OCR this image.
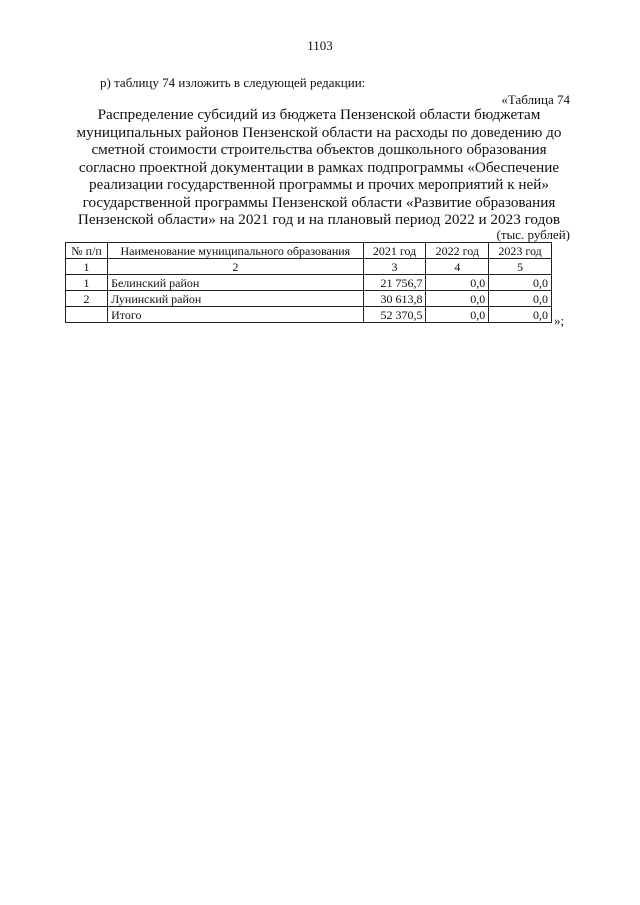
1103
р) таблицу 74 изложить в следующей редакции:
«Таблица 74
Распределение субсидий из бюджета Пензенской области бюджетам
муниципальных районов Пензенской области на расходы по доведению до
сметной стоимости строительства объектов дошкольного образования
согласно проектной документации в рамках подпрограммы «Обеспечение
реализации государственной программы и прочих мероприятий к ней»
государственной программы Пензенской области «Развитие образования
Пензенской области» на 2021 год и на плановый период 2022 и 2023 годов
(тыс. рублей)
№ п/п	Наименование муниципального образования	2021 год	2022 год	2023 год
1	2	3	4	5
1	Белинский район	21 756,7	0,0	0,0
2	Лунинский район	30 613,8	0,0	0,0
	Итого	52 370,5	0,0	0,0 »;
